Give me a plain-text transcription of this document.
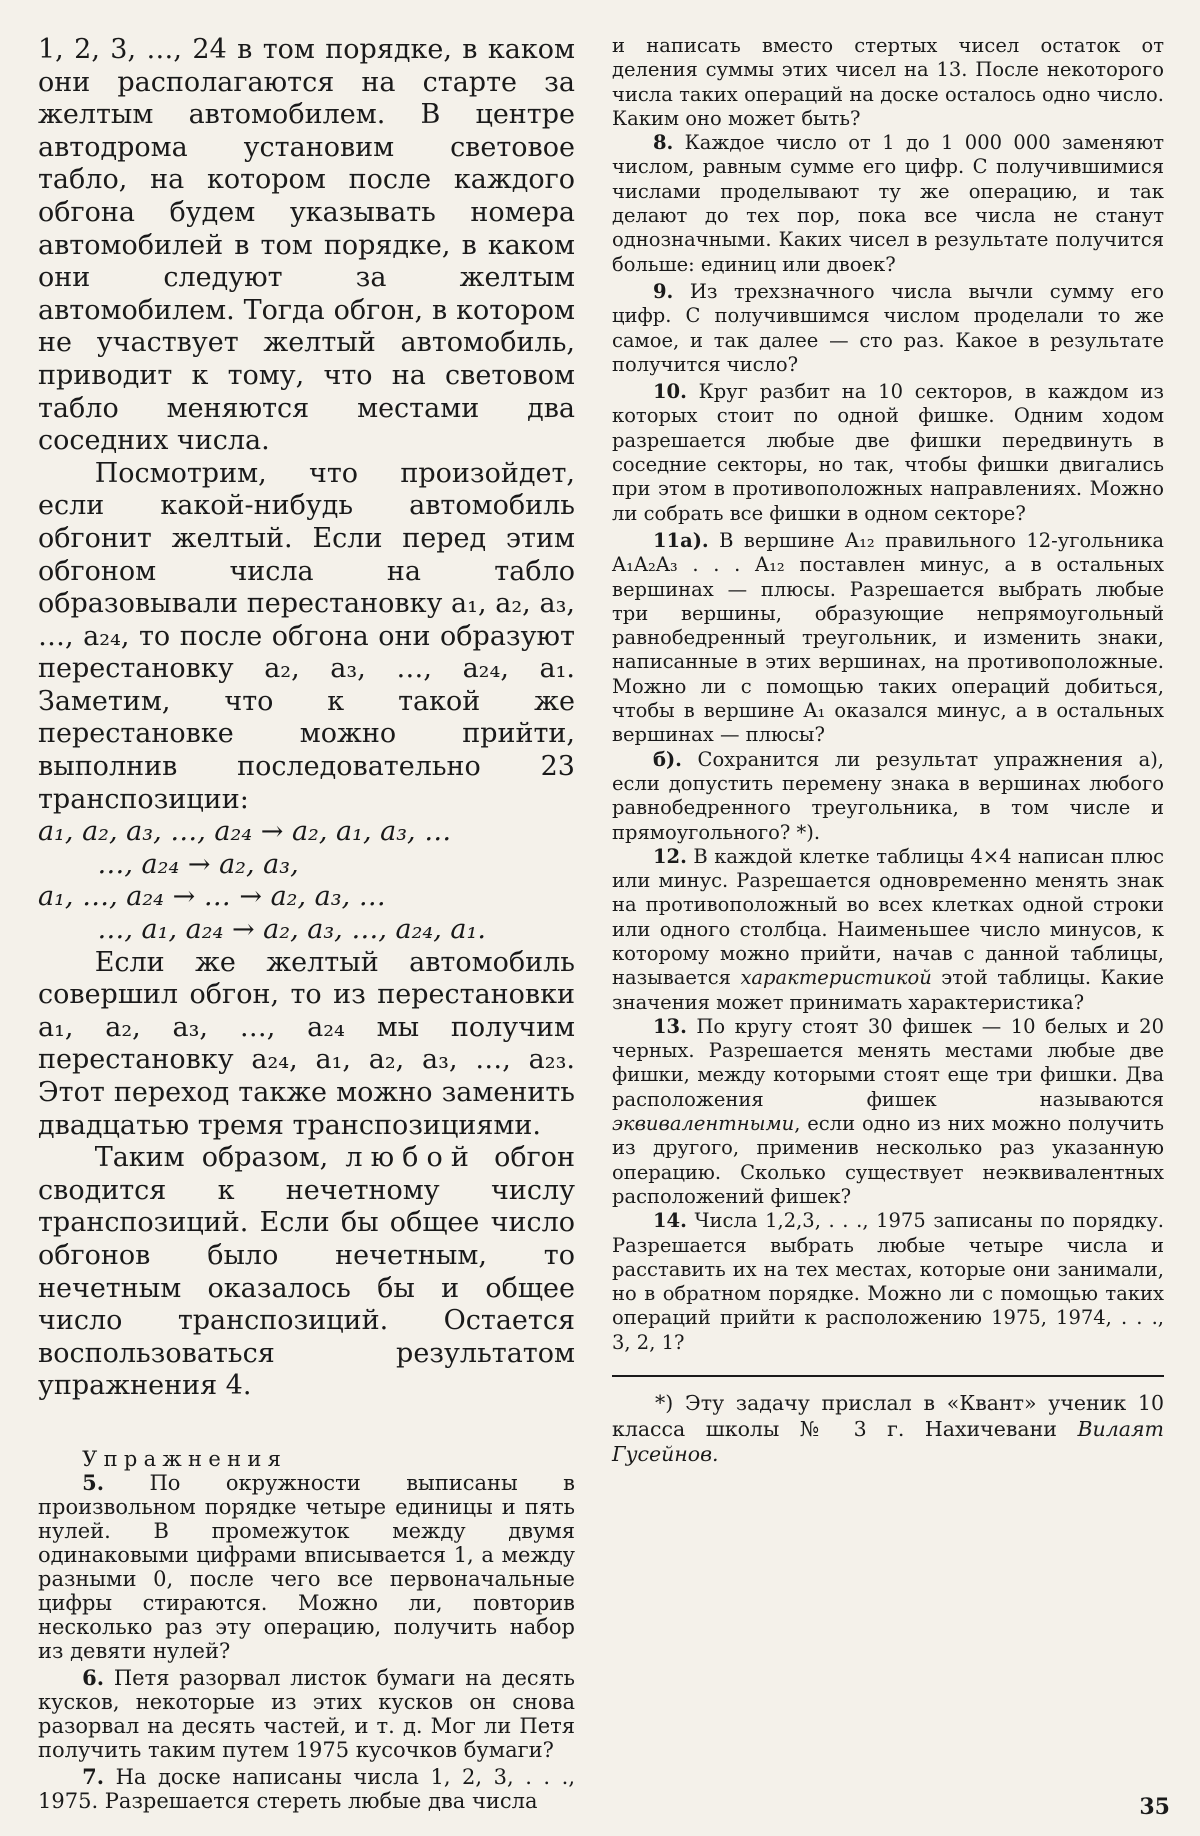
1, 2, 3, …, 24 в том порядке, в каком они располагаются на старте за желтым автомобилем. В центре автодрома установим световое табло, на котором после каждого обгона будем указывать номера автомобилей в том порядке, в каком они следуют за желтым автомобилем. Тогда обгон, в котором не участвует желтый автомобиль, приводит к тому, что на световом табло меняются местами два соседних числа.

Посмотрим, что произойдет, если какой-нибудь автомобиль обгонит желтый. Если перед этим обгоном числа на табло образовывали перестановку a₁, a₂, a₃, …, a₂₄, то после обгона они образуют перестановку a₂, a₃, …, a₂₄, a₁. Заметим, что к такой же перестановке можно прийти, выполнив последовательно 23 транспозиции:

a₁, a₂, a₃, …, a₂₄ → a₂, a₁, a₃, …

…, a₂₄ → a₂, a₃,

a₁, …, a₂₄ → … → a₂, a₃, …

…, a₁, a₂₄ → a₂, a₃, …, a₂₄, a₁.

Если же желтый автомобиль совершил обгон, то из перестановки a₁, a₂, a₃, …, a₂₄ мы получим перестановку a₂₄, a₁, a₂, a₃, …, a₂₃. Этот переход также можно заменить двадцатью тремя транспозициями.

Таким образом, любой обгон сводится к нечетному числу транспозиций. Если бы общее число обгонов было нечетным, то нечетным оказалось бы и общее число транспозиций. Остается воспользоваться результатом упражнения 4.

Упражнения

5. По окружности выписаны в произвольном порядке четыре единицы и пять нулей. В промежуток между двумя одинаковыми цифрами вписывается 1, а между разными 0, после чего все первоначальные цифры стираются. Можно ли, повторив несколько раз эту операцию, получить набор из девяти нулей?

6. Петя разорвал листок бумаги на десять кусков, некоторые из этих кусков он снова разорвал на десять частей, и т. д. Мог ли Петя получить таким путем 1975 кусочков бумаги?

7. На доске написаны числа 1, 2, 3, . . ., 1975. Разрешается стереть любые два числа

и написать вместо стертых чисел остаток от деления суммы этих чисел на 13. После некоторого числа таких операций на доске осталось одно число. Каким оно может быть?

8. Каждое число от 1 до 1 000 000 заменяют числом, равным сумме его цифр. С получившимися числами проделывают ту же операцию, и так делают до тех пор, пока все числа не станут однозначными. Каких чисел в результате получится больше: единиц или двоек?

9. Из трехзначного числа вычли сумму его цифр. С получившимся числом проделали то же самое, и так далее — сто раз. Какое в результате получится число?

10. Круг разбит на 10 секторов, в каждом из которых стоит по одной фишке. Одним ходом разрешается любые две фишки передвинуть в соседние секторы, но так, чтобы фишки двигались при этом в противоположных направлениях. Можно ли собрать все фишки в одном секторе?

11а). В вершине A₁₂ правильного 12-угольника A₁A₂A₃ . . . A₁₂ поставлен минус, а в остальных вершинах — плюсы. Разрешается выбрать любые три вершины, образующие непрямоугольный равнобедренный треугольник, и изменить знаки, написанные в этих вершинах, на противоположные. Можно ли с помощью таких операций добиться, чтобы в вершине A₁ оказался минус, а в остальных вершинах — плюсы?

б). Сохранится ли результат упражнения а), если допустить перемену знака в вершинах любого равнобедренного треугольника, в том числе и прямоугольного? *).

12. В каждой клетке таблицы 4×4 написан плюс или минус. Разрешается одновременно менять знак на противоположный во всех клетках одной строки или одного столбца. Наименьшее число минусов, к которому можно прийти, начав с данной таблицы, называется характеристикой этой таблицы. Какие значения может принимать характеристика?

13. По кругу стоят 30 фишек — 10 белых и 20 черных. Разрешается менять местами любые две фишки, между которыми стоят еще три фишки. Два расположения фишек называются эквивалентными, если одно из них можно получить из другого, применив несколько раз указанную операцию. Сколько существует неэквивалентных расположений фишек?

14. Числа 1,2,3, . . ., 1975 записаны по порядку. Разрешается выбрать любые четыре числа и расставить их на тех местах, которые они занимали, но в обратном порядке. Можно ли с помощью таких операций прийти к расположению 1975, 1974, . . ., 3, 2, 1?

*) Эту задачу прислал в «Квант» ученик 10 класса школы № 3 г. Нахичевани Вилаят Гусейнов.

35
